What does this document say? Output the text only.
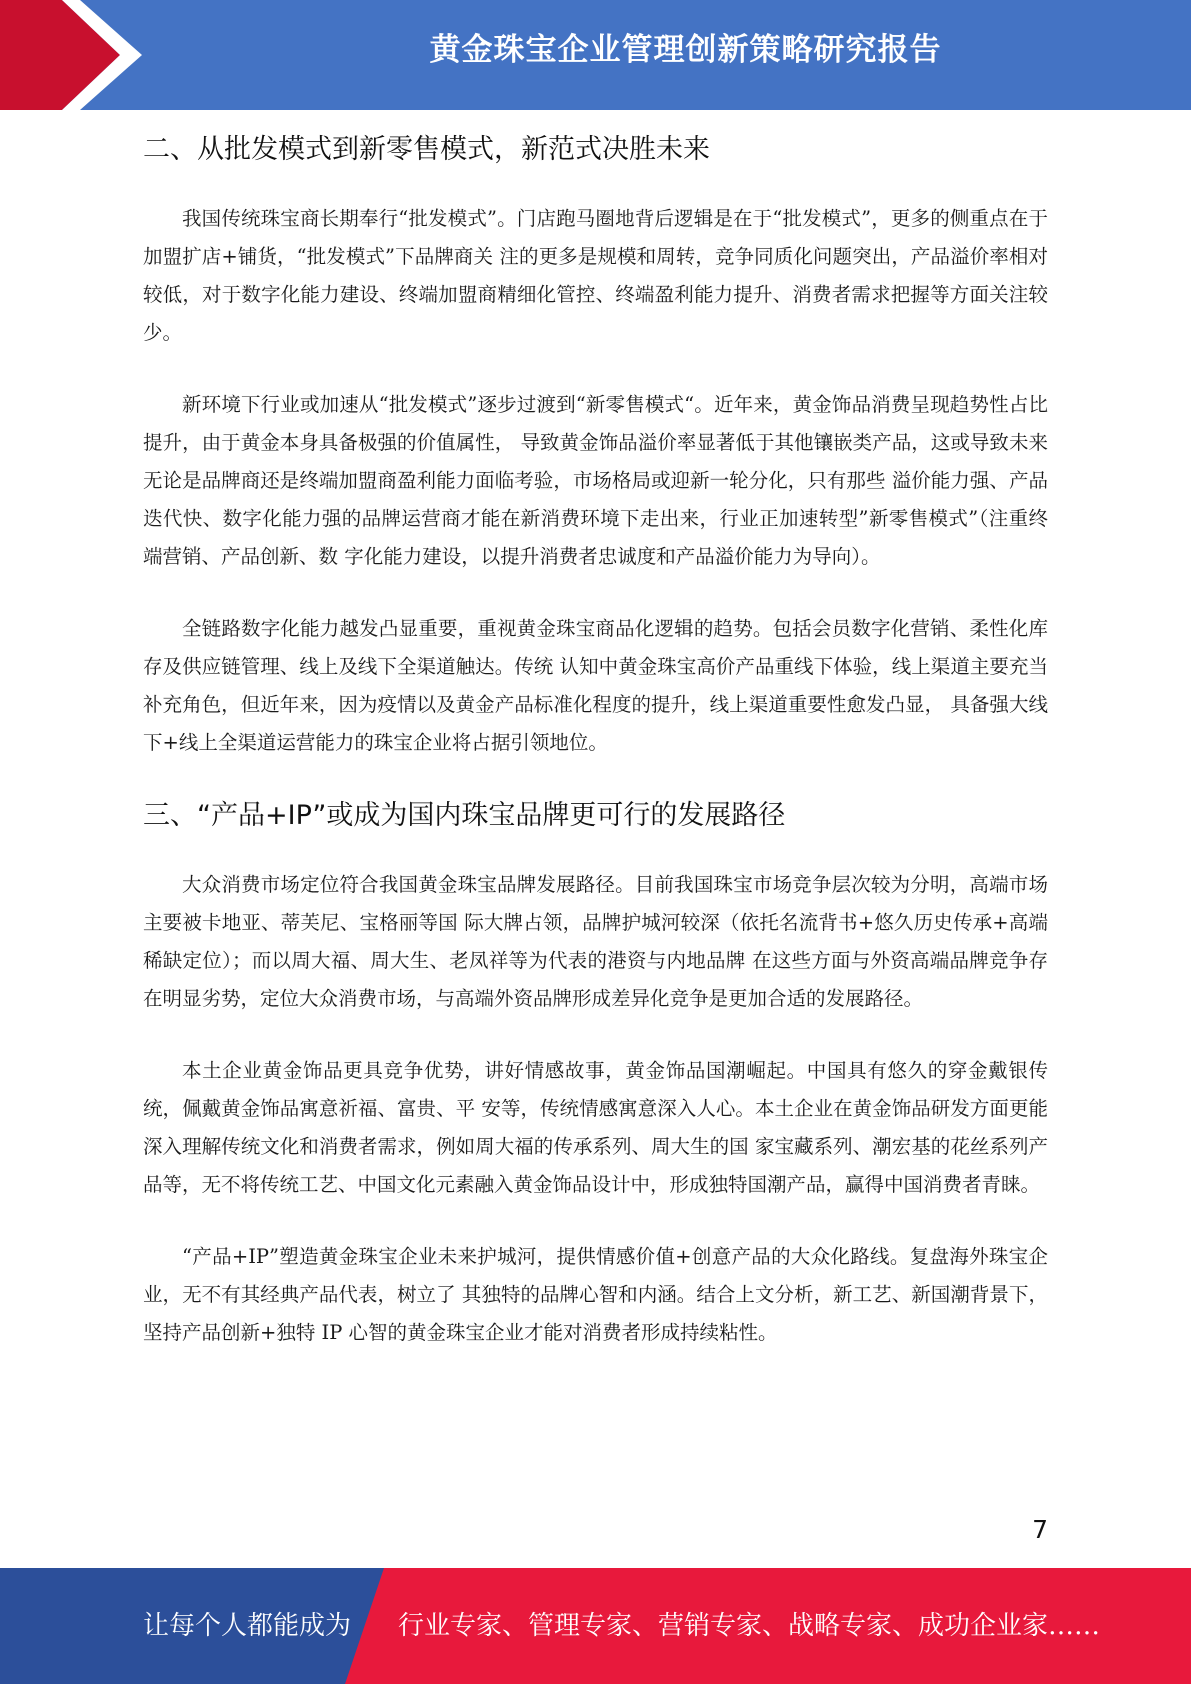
黄金珠宝企业管理创新策略研究报告
二、从批发模式到新零售模式，新范式决胜未来

我国传统珠宝商长期奉行“批发模式”。门店跑马圈地背后逻辑是在于“批发模式”，更多的侧重点在于加盟扩店+铺货，“批发模式”下品牌商关 注的更多是规模和周转，竞争同质化问题突出，产品溢价率相对较低，对于数字化能力建设、终端加盟商精细化管控、终端盈利能力提升、消费者需求把握等方面关注较少。

新环境下行业或加速从“批发模式”逐步过渡到“新零售模式“。近年来，黄金饰品消费呈现趋势性占比提升，由于黄金本身具备极强的价值属性， 导致黄金饰品溢价率显著低于其他镶嵌类产品，这或导致未来无论是品牌商还是终端加盟商盈利能力面临考验，市场格局或迎新一轮分化，只有那些 溢价能力强、产品迭代快、数字化能力强的品牌运营商才能在新消费环境下走出来，行业正加速转型”新零售模式”（注重终端营销、产品创新、数 字化能力建设，以提升消费者忠诚度和产品溢价能力为导向）。

全链路数字化能力越发凸显重要，重视黄金珠宝商品化逻辑的趋势。包括会员数字化营销、柔性化库存及供应链管理、线上及线下全渠道触达。传统 认知中黄金珠宝高价产品重线下体验，线上渠道主要充当补充角色，但近年来，因为疫情以及黄金产品标准化程度的提升，线上渠道重要性愈发凸显， 具备强大线下+线上全渠道运营能力的珠宝企业将占据引领地位。

三、“产品+IP”或成为国内珠宝品牌更可行的发展路径

大众消费市场定位符合我国黄金珠宝品牌发展路径。目前我国珠宝市场竞争层次较为分明，高端市场主要被卡地亚、蒂芙尼、宝格丽等国 际大牌占领，品牌护城河较深（依托名流背书+悠久历史传承+高端稀缺定位）；而以周大福、周大生、老凤祥等为代表的港资与内地品牌 在这些方面与外资高端品牌竞争存在明显劣势，定位大众消费市场，与高端外资品牌形成差异化竞争是更加合适的发展路径。

本土企业黄金饰品更具竞争优势，讲好情感故事，黄金饰品国潮崛起。中国具有悠久的穿金戴银传统，佩戴黄金饰品寓意祈福、富贵、平 安等，传统情感寓意深入人心。本土企业在黄金饰品研发方面更能深入理解传统文化和消费者需求，例如周大福的传承系列、周大生的国 家宝藏系列、潮宏基的花丝系列产品等，无不将传统工艺、中国文化元素融入黄金饰品设计中，形成独特国潮产品，赢得中国消费者青睐。

“产品+IP”塑造黄金珠宝企业未来护城河，提供情感价值+创意产品的大众化路线。复盘海外珠宝企业，无不有其经典产品代表，树立了 其独特的品牌心智和内涵。结合上文分析，新工艺、新国潮背景下，坚持产品创新+独特 IP 心智的黄金珠宝企业才能对消费者形成持续粘性。

7
让每个人都能成为 行业专家、管理专家、营销专家、战略专家、成功企业家……
